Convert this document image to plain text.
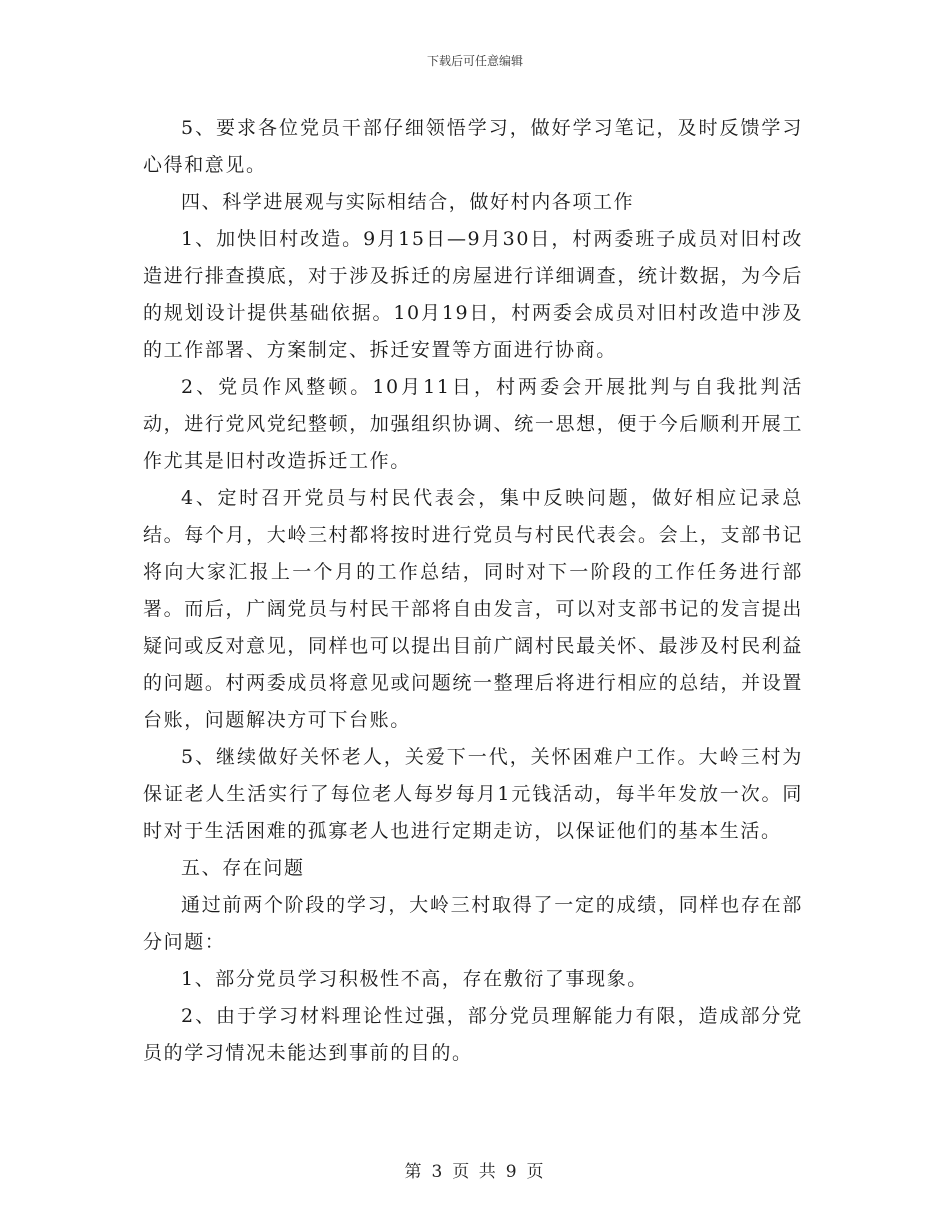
下载后可任意编辑

5、要求各位党员干部仔细领悟学习，做好学习笔记，及时反馈学习心得和意见。

四、科学进展观与实际相结合，做好村内各项工作

1、加快旧村改造。9月15日—9月30日，村两委班子成员对旧村改造进行排查摸底，对于涉及拆迁的房屋进行详细调查，统计数据，为今后的规划设计提供基础依据。10月19日，村两委会成员对旧村改造中涉及的工作部署、方案制定、拆迁安置等方面进行协商。

2、党员作风整顿。10月11日，村两委会开展批判与自我批判活动，进行党风党纪整顿，加强组织协调、统一思想，便于今后顺利开展工作尤其是旧村改造拆迁工作。

4、定时召开党员与村民代表会，集中反映问题，做好相应记录总结。每个月，大岭三村都将按时进行党员与村民代表会。会上，支部书记将向大家汇报上一个月的工作总结，同时对下一阶段的工作任务进行部署。而后，广阔党员与村民干部将自由发言，可以对支部书记的发言提出疑问或反对意见，同样也可以提出目前广阔村民最关怀、最涉及村民利益的问题。村两委成员将意见或问题统一整理后将进行相应的总结，并设置台账，问题解决方可下台账。

5、继续做好关怀老人，关爱下一代，关怀困难户工作。大岭三村为保证老人生活实行了每位老人每岁每月1元钱活动，每半年发放一次。同时对于生活困难的孤寡老人也进行定期走访，以保证他们的基本生活。

五、存在问题

通过前两个阶段的学习，大岭三村取得了一定的成绩，同样也存在部分问题：

1、部分党员学习积极性不高，存在敷衍了事现象。

2、由于学习材料理论性过强，部分党员理解能力有限，造成部分党员的学习情况未能达到事前的目的。

第 3 页 共 9 页
